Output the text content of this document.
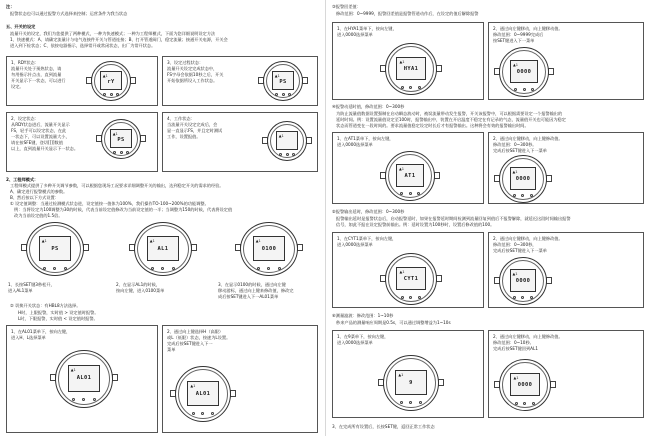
注：
报警状态也可以通过报警方式选择来控制；运营条件为我当状态
五、开关的设定
流量开关的设定，我们为您提供了两种模式，一种为快速模式；一种为工程师模式，下面为您详细说明设定方法
1、快速模式：A、请确定流量计与电气连接件开关与管道连接；B、打开管道阀门，稳定流量；接通开关电源，开关会
进入到下检状态；C、依按电器指示，选择常开或常闭状态，出厂为常开状态。
1、RDY状态：
流量开关处于预热状态，请
勿用指示针点击，直到流量
开关显示下一状态，可以进行
设定。
▲1
rY
3、设定过程状态：
流量开关设定完成状态中，
FS字母会依据10秒之后，开关
开始依据所设入工作状态。
▲1
PS
2、设定状态：
从RDY状态进后，流量开关显示
FS，轻手可以设定状态，在此
一状态下，可以设置流量大小，
请在按SFE键，登切[[]]数值
以上，直到流量开关显示下一状态。
▲1
PS
4、工作状态：
当流量开关设定完成后，会
显一直显示FS，并且定时测试
工作，设置报值。	▲1
2、工程师模式：
工程师模式提供了多种开关调节参数，可以根据您现场工况要求详细调整开关的输出，达到稳定开关的需求的经验。
A、确定进行报警模式的参数。
B、然后按以下方式设置：
① 设定值调整：当通过检测模式状态进，设定值按一值体为100%，我们操作TO-100~200%的功能调整。
例：当将设定为100调整为30的时候，代表当前设定值修改为当前设定值的一半；当调整为150的时候，代表将设定值
改为当前设定值的1.5倍。
▲1
PS
▲1
AL1
▲1
0100
1、长按SET键3秒松开，
进入AL1菜单
2、在显示AL1的时候，
按向左键，进入0100菜单
3、在显示0100的时候，通过向左键
移动游标，通过向上键来修改值，修改完
成后按SET键进入下一AL01菜单
② 切换开关状态：有HBL8方法选择。
H时，上限报警，实时值 > 设定值时报警。
L时，下限报警，实时值 < 设定值时报警。
1、在AL01菜单下，按向左键，
进入H、L选择菜单
▲1
AL01
2、通过向上键选择H（高限）
或L（低限）状态，按速为L设置。
完成后按SET键进入下一
菜单
▲1
AL01
③报警回差值：
修改范围：0~9999，报警回差值是报警管道动作后，在设定的值后解除报警
1、在HYA1菜单下，按向左键，
进入0000选择菜单
▲1
HYA1
2、通过向左键移动，向上键移动值。
修改范围：0~9999完成后
按SET键进入下一菜单
▲1
0000
④报警动延时值，修改范围：0~300秒
为防止流量值数据设置强制在启动瞬态波动时，被误流量带动发生报警，开关该报警中，可以根据需要设定一个报警输出的
延时时间。例：设置流量值设定至100时，报警输出中，装置在开启温度不稳定在有记录的气态，流量值开关也可能因为稳定
状态而管道变在一段时间的。要求流量值稳定设定时长后才有报警输出。这种将会有效的报警输出时间。
1、在AT1菜单下，按向左键，
进入0000选择菜单
▲1
AT1
2、通过向左键移动，向上键修改值。
修改范围：0~300秒。
完成后按SET键进入下一菜单
▲1
0000
⑤报警输出延时，修改范围：0~300秒
报警输出延时是报警状态后，启动报警延时，如果在报警延时期间检测到流量回复到值后不报警解除，就延迟这段时间输出报警
信号，如此不报在设定报警前输出。例：延时设置为100秒时，设置后修改值的100。
1、在CYT1菜单下，按向左键，
进入0000选择菜单
▲1
CYT1
2、通过向左键移动，向上键修改值。
修改范围：0~300秒，
完成后按SET键进入下一菜单
▲1
0000
⑥测量滤波：修改范围：1~10秒
秒来产品的测量响应周期是0.5s，可以通过调整增益为1~10s
1、在9菜单下，按向左键，
进入0000选择菜单
▲1
9
2、通过向左键移动，向上键修改值。
修改范围：0~10秒。
完成后按SET键回到AL1
▲1
0000
3、在完成所有设置后，长按SET键，返回正常工作状态
